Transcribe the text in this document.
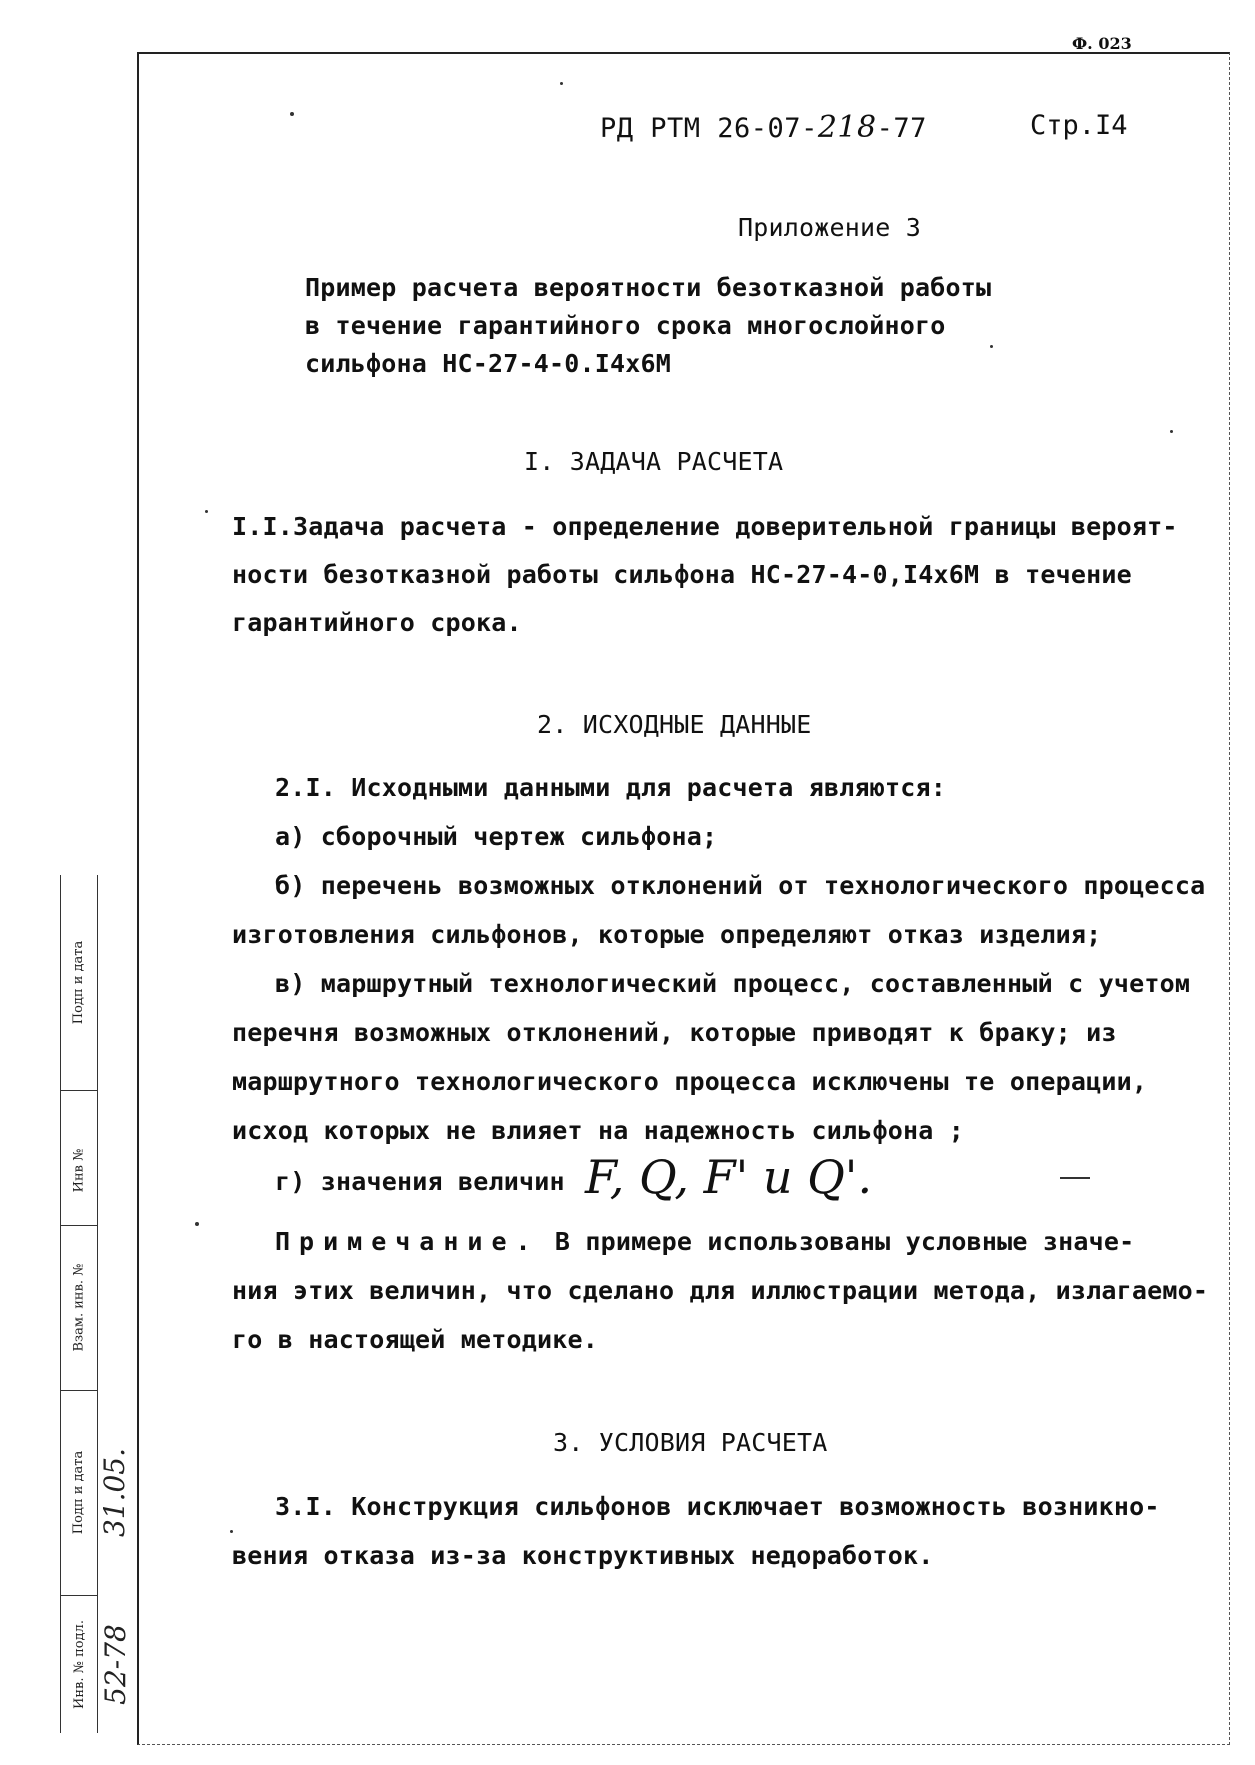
Ф. 023
РД РТМ 26-07-218-77	Стр.I4
Приложение 3
Пример расчета вероятности безотказной работы
в течение гарантийного срока многослойного
сильфона НС-27-4-0.I4x6M
I. ЗАДАЧА РАСЧЕТА
I.I.Задача расчета - определение доверительной границы вероят-
ности безотказной работы сильфона НС-27-4-0,I4x6M в течение
гарантийного срока.
2. ИСХОДНЫЕ ДАННЫЕ
2.I. Исходными данными для расчета являются:
а) сборочный чертеж сильфона;
б) перечень возможных отклонений от технологического процесса
изготовления сильфонов, которые определяют отказ изделия;
в) маршрутный технологический процесс, составленный с учетом
перечня возможных отклонений, которые приводят к браку; из
маршрутного технологического процесса исключены те операции,
исход которых не влияет на надежность сильфона ;
г) значения величин F, Q, F' и Q'.
Примечание. В примере использованы условные значе-
ния этих величин, что сделано для иллюстрации метода, излагаемо-
го в настоящей методике.
3. УСЛОВИЯ РАСЧЕТА
3.I. Конструкция сильфонов исключает возможность возникно-
вения отказа из-за конструктивных недоработок.
Подп и дата
Инв №
Взам. инв. №
Подп и дата
Инв. № подл.
31.05.
52-78
